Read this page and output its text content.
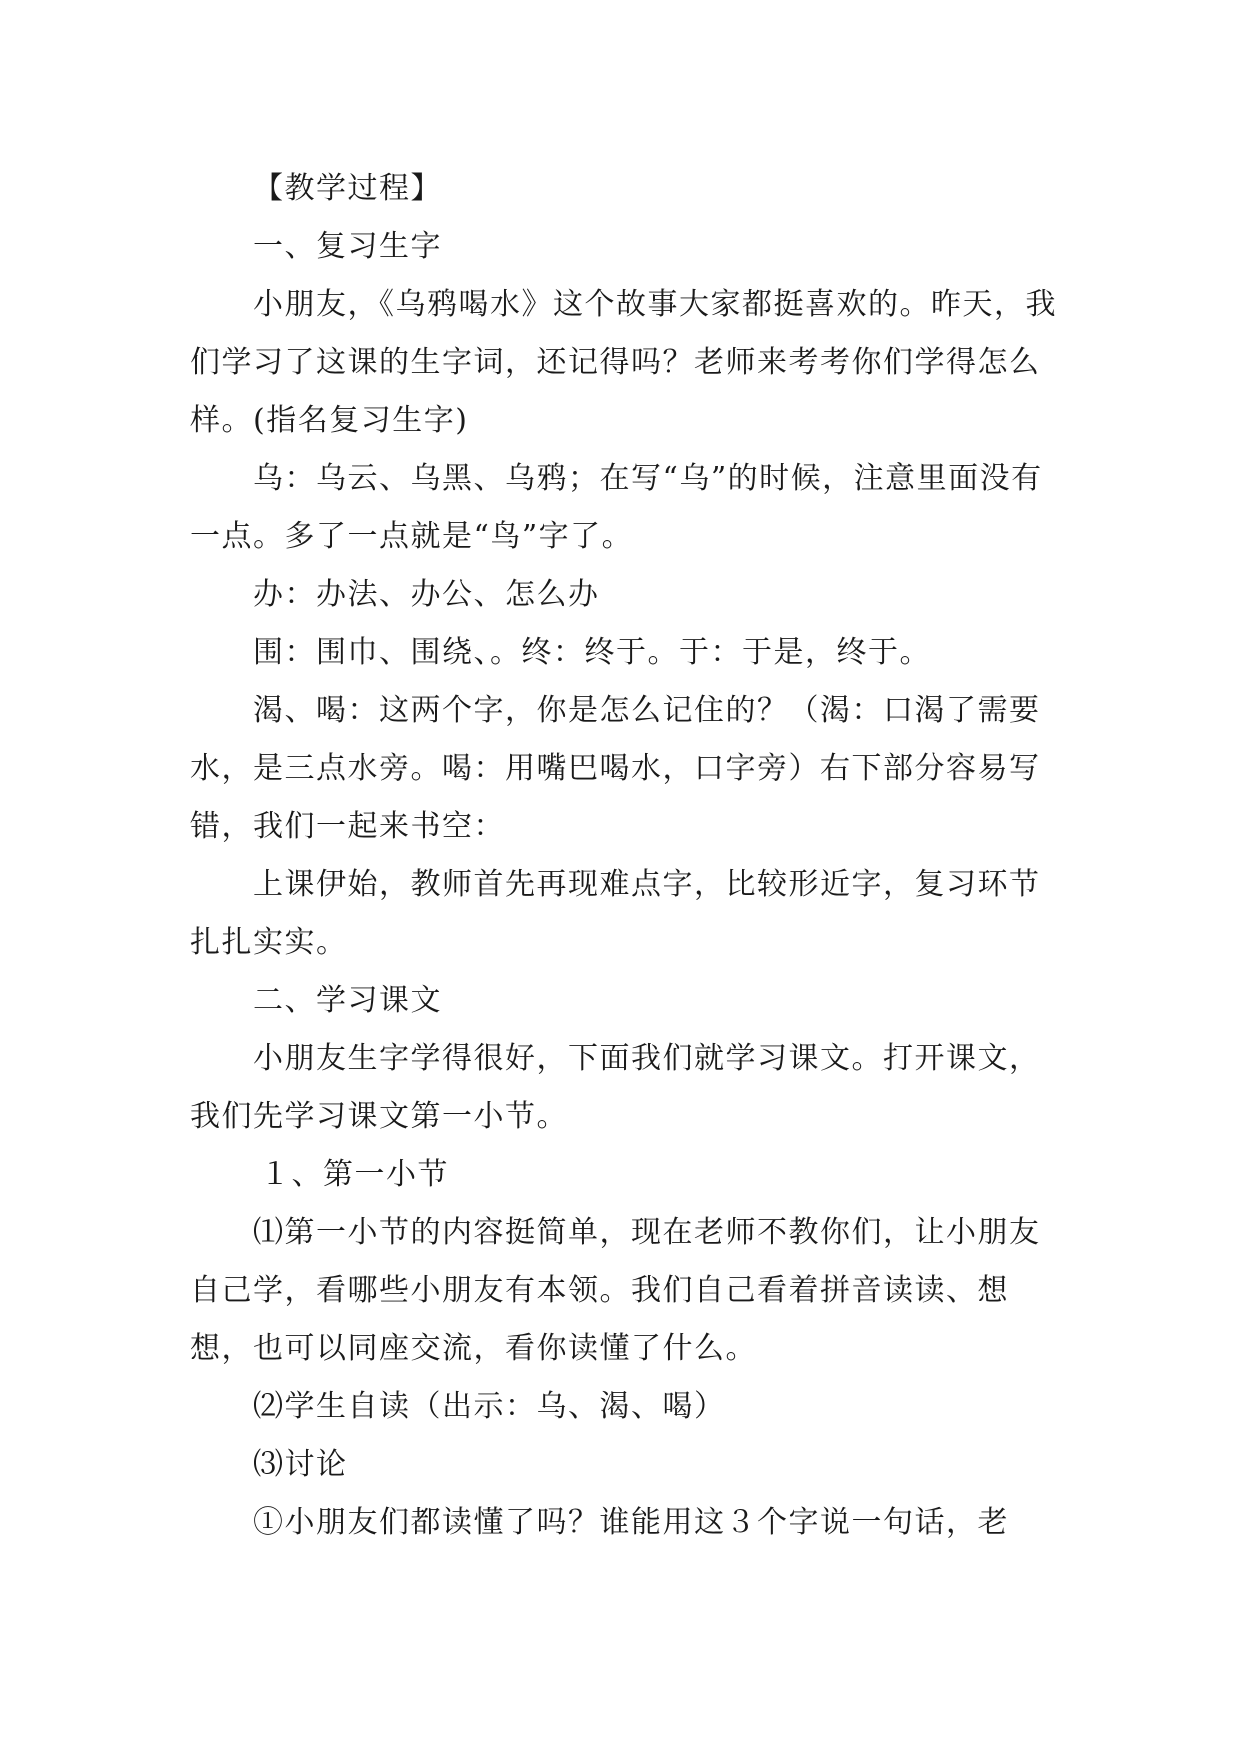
【教学过程】

一、复习生字

小朋友，《乌鸦喝水》这个故事大家都挺喜欢的。昨天，我们学习了这课的生字词，还记得吗？老师来考考你们学得怎么样。(指名复习生字)

乌：乌云、乌黑、乌鸦；在写“乌”的时候，注意里面没有一点。多了一点就是“鸟”字了。

办：办法、办公、怎么办

围：围巾、围绕、。终：终于。于：于是，终于。

渴、喝：这两个字，你是怎么记住的？（渴：口渴了需要水，是三点水旁。喝：用嘴巴喝水，口字旁）右下部分容易写错，我们一起来书空：

上课伊始，教师首先再现难点字，比较形近字，复习环节扎扎实实。

二、学习课文

小朋友生字学得很好，下面我们就学习课文。打开课文，我们先学习课文第一小节。

１、第一小节

⑴第一小节的内容挺简单，现在老师不教你们，让小朋友自己学，看哪些小朋友有本领。我们自己看着拼音读读、想想，也可以同座交流，看你读懂了什么。

⑵学生自读（出示：乌、渴、喝）

⑶讨论

①小朋友们都读懂了吗？谁能用这３个字说一句话，老
